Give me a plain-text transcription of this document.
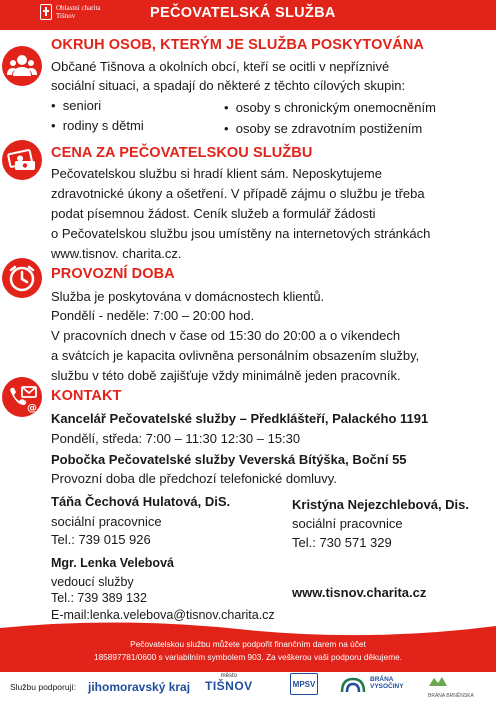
Oblastní charita
Tišnov	PEČOVATELSKÁ SLUŽBA
OKRUH OSOB, KTERÝM JE SLUŽBA POSKYTOVÁNA
Občané Tišnova a okolních obcí, kteří se ocitli v nepříznivé
sociální situaci, a spadají do některé z těchto cílových skupin:
•  seniori
•  rodiny s dětmi
•  osoby s chronickým onemocněním
•  osoby se zdravotním postižením
CENA ZA PEČOVATELSKOU SLUŽBU
Pečovatelskou službu si hradí klient sám. Neposkytujeme
zdravotnické úkony a ošetření. V případě zájmu o službu je třeba
podat písemnou žádost. Ceník služeb a formulář žádosti
o Pečovatelskou službu jsou umístěny na internetových stránkách
www.tisnov. charita.cz.
PROVOZNÍ DOBA
Služba je poskytována v domácnostech klientů.
Pondělí - neděle: 7:00 – 20:00 hod.
V pracovních dnech v čase od 15:30 do 20:00 a o víkendech
a svátcích je kapacita ovlivněna personálním obsazením služby,
službu v této době zajišťuje vždy minimálně jeden pracovník.
@
KONTAKT
Kancelář Pečovatelské služby – Předklášteří, Palackého 1191
Pondělí, středa: 7:00 – 11:30 12:30 – 15:30
Pobočka Pečovatelské služby Veverská Bítýška, Boční 55
Provozní doba dle předchozí telefonické domluvy.
Táňa Čechová Hulatová, DiS.
sociální pracovnice
Tel.: 739 015 926
Kristýna Nejezchlebová, Dis.
sociální pracovnice
Tel.: 730 571 329
Mgr. Lenka Velebová
vedoucí služby
Tel.: 739 389 132
E-mail:lenka.velebova@tisnov.charita.cz
www.tisnov.charita.cz
Pečovatelskou službu můžete podpořit finančním darem na účet
185897781/0600 s variabilním symbolem 903. Za veškerou vaši podporu děkujeme.
Službu podporují: jihomoravský kraj
město
TIŠNOV	MPSV	BRÁNA
VYSOČINY
BRÁNA BRNĚNSKA
